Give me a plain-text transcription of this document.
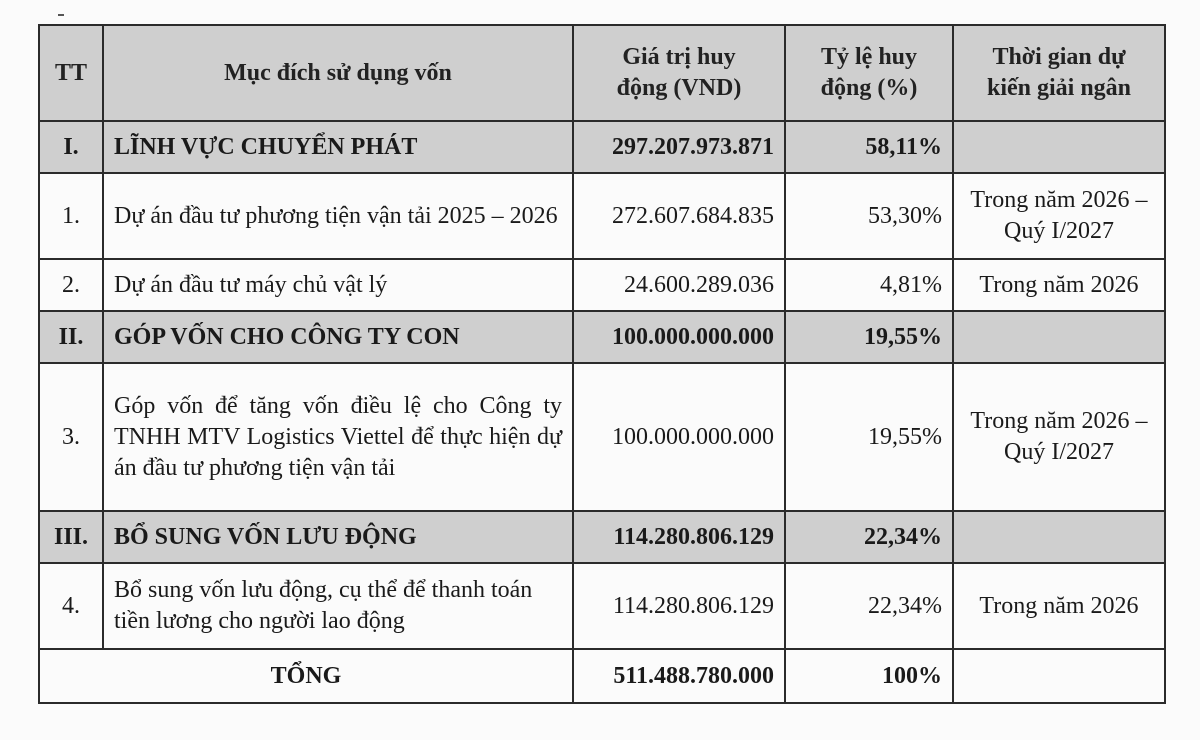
TT	Mục đích sử dụng vốn	Giá trị huy động (VND)	Tỷ lệ huy động (%)	Thời gian dự kiến giải ngân
I.	LĨNH VỰC CHUYỂN PHÁT	297.207.973.871	58,11%	
1.	Dự án đầu tư phương tiện vận tải 2025 – 2026	272.607.684.835	53,30%	Trong năm 2026 – Quý I/2027
2.	Dự án đầu tư máy chủ vật lý	24.600.289.036	4,81%	Trong năm 2026
II.	GÓP VỐN CHO CÔNG TY CON	100.000.000.000	19,55%	
3.	Góp vốn để tăng vốn điều lệ cho Công ty TNHH MTV Logistics Viettel để thực hiện dự án đầu tư phương tiện vận tải	100.000.000.000	19,55%	Trong năm 2026 – Quý I/2027
III.	BỔ SUNG VỐN LƯU ĐỘNG	114.280.806.129	22,34%	
4.	Bổ sung vốn lưu động, cụ thể để thanh toán tiền lương cho người lao động	114.280.806.129	22,34%	Trong năm 2026
TỔNG		511.488.780.000	100%	
